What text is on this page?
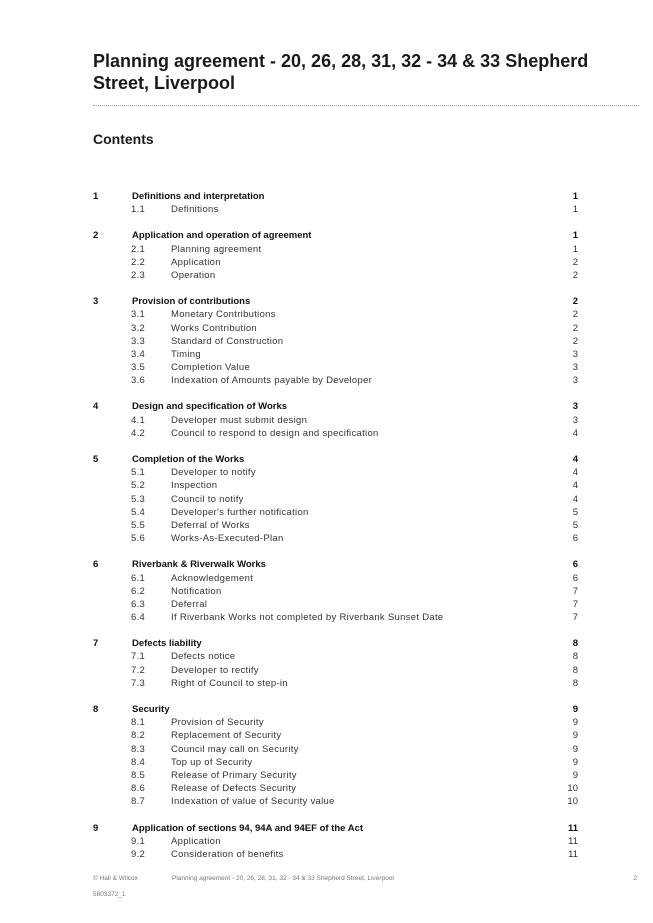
Planning agreement - 20, 26, 28, 31, 32 - 34 & 33 Shepherd Street, Liverpool
Contents
1	Definitions and interpretation	1
1.1	Definitions	1
2	Application and operation of agreement	1
2.1	Planning agreement	1
2.2	Application	2
2.3	Operation	2
3	Provision of contributions	2
3.1	Monetary Contributions	2
3.2	Works Contribution	2
3.3	Standard of Construction	2
3.4	Timing	3
3.5	Completion Value	3
3.6	Indexation of Amounts payable by Developer	3
4	Design and specification of Works	3
4.1	Developer must submit design	3
4.2	Council to respond to design and specification	4
5	Completion of the Works	4
5.1	Developer to notify	4
5.2	Inspection	4
5.3	Council to notify	4
5.4	Developer's further notification	5
5.5	Deferral of Works	5
5.6	Works-As-Executed-Plan	6
6	Riverbank & Riverwalk Works	6
6.1	Acknowledgement	6
6.2	Notification	7
6.3	Deferral	7
6.4	If Riverbank Works not completed by Riverbank Sunset Date	7
7	Defects liability	8
7.1	Defects notice	8
7.2	Developer to rectify	8
7.3	Right of Council to step-in	8
8	Security	9
8.1	Provision of Security	9
8.2	Replacement of Security	9
8.3	Council may call on Security	9
8.4	Top up of Security	9
8.5	Release of Primary Security	9
8.6	Release of Defects Security	10
8.7	Indexation of value of Security value	10
9	Application of sections 94, 94A and 94EF of the Act	11
9.1	Application	11
9.2	Consideration of benefits	11
© Hall & Wilcox	Planning agreement - 20, 26, 28, 31, 32 - 34 & 33 Shepherd Street, Liverpool	2
5803372_1
